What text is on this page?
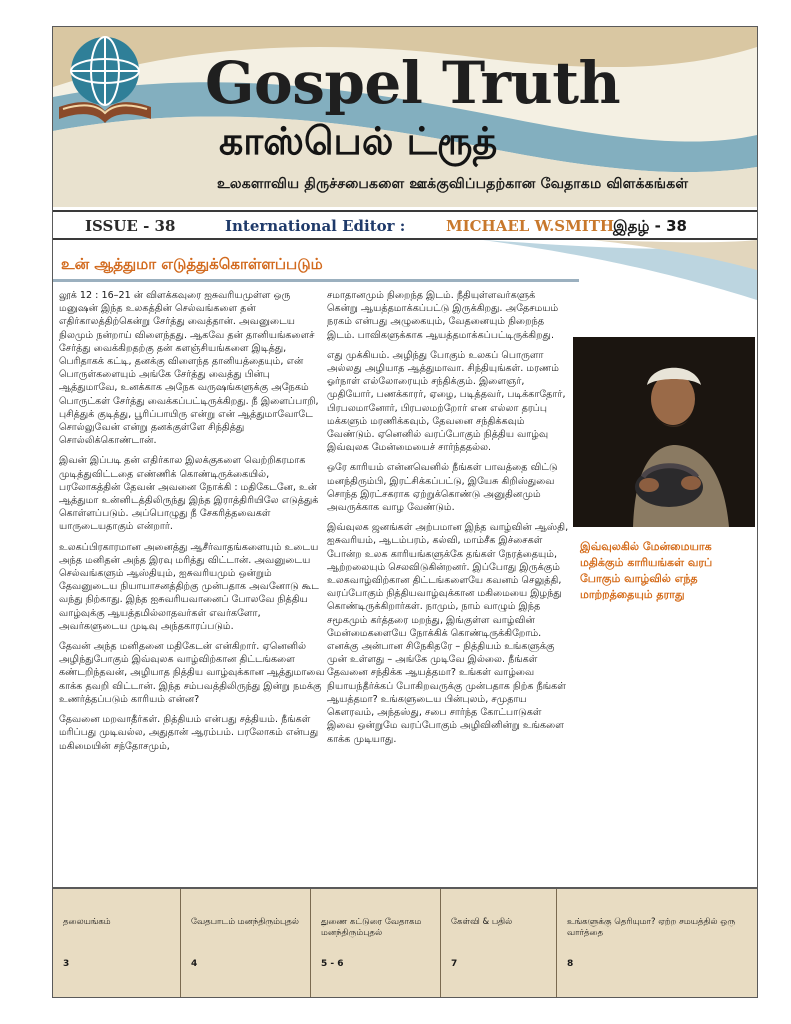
Gospel Truth
காஸ்பெல் ட்ரூத்
உலகளாவிய திருச்சபைகளை ஊக்குவிப்பதற்கான வேதாகம விளக்கங்கள்
ISSUE - 38	International Editor :	MICHAEL W.SMITH
இதழ் - 38
உன் ஆத்துமா எடுத்துக்கொள்ளப்படும்

லூக் 12 : 16–21 ன் விளக்கவுரை ஐசுவரியமுள்ள ஒரு மனுஷன் இந்த உலகத்தின் செல்வங்களை தன் எதிர்காலத்திற்கென்று சேர்த்து வைத்தான். அவனுடைய நிலமும் நன்றாய் விளைந்தது. ஆகவே தன் தானியங்களைச் சேர்த்து வைக்கிறதற்கு தன் களஞ்சியங்களை இடித்து, பெரிதாகக் கட்டி, தனக்கு விளைந்த தானியத்தையும், என் பொருள்களையும் அங்கே சேர்த்து வைத்து பின்பு ஆத்துமாவே, உனக்காக அநேக வருஷங்களுக்கு அநேகம் பொருட்கள் சேர்த்து வைக்கப்பட்டிருக்கிறது. நீ இளைப்பாறி, புசித்துக் குடித்து, பூரிப்பாயிரு என்று என் ஆத்துமாவோடே சொல்லுவேன் என்று தனக்குள்ளே சிந்தித்து சொல்லிக்கொண்டான்.

இவன் இப்படி தன் எதிர்கால இலக்குகளை வெற்றிகரமாக முடித்துவிட்டதை எண்ணிக் கொண்டிருக்கையில், பரலோகத்தின் தேவன் அவனை நோக்கி : மதிகேடனே, உன் ஆத்துமா உன்னிடத்திலிருந்து இந்த இராத்திரியிலே எடுத்துக் கொள்ளப்படும். அப்பொழுது நீ சேகரித்தவைகள் யாருடையதாகும் என்றார்.

உலகப்பிரகாரமான அனைத்து ஆசீர்வாதங்களையும் உடைய அந்த மனிதன் அந்த இரவு மரித்து விட்டான். அவனுடைய செல்வங்களும் ஆஸ்தியும், ஐசுவரியமும் ஒன்றும் தேவனுடைய நியாயாசனத்திற்கு முன்பதாக அவனோடு கூட வந்து நிற்காது. இந்த ஐசுவரியவானைப் போலவே நித்திய வாழ்வுக்கு ஆயத்தமில்லாதவர்கள் எவர்களோ, அவர்களுடைய முடிவு அந்தகாரப்படும்.

தேவன் அந்த மனிதனை மதிகேடன் என்கிறார். ஏனெனில் அழிந்துபோகும் இவ்வுலக வாழ்விற்கான திட்டங்களை கண்டறிந்தவன், அழியாத நித்திய வாழ்வுக்கான ஆத்துமாவை காக்க தவறி விட்டான். இந்த சம்பவத்திலிருந்து இன்று நமக்கு உணர்த்தப்படும் காரியம் என்ன?

தேவனை மறவாதீர்கள். நித்தியம் என்பது சத்தியம். நீங்கள் மரிப்பது முடிவல்ல, அதுதான் ஆரம்பம். பரலோகம் என்பது மகிமையின் சந்தோசமும்,

சமாதானமும் நிறைந்த இடம். நீதியுள்ளவர்களுக் கென்று ஆயத்தமாக்கப்பட்டு இருக்கிறது. அதேசமயம் நரகம் என்பது அழுகையும், வேதனையும் நிறைந்த இடம். பாவிகளுக்காக ஆயத்தமாக்கப்பட்டிருக்கிறது.

எது முக்கியம். அழிந்து போகும் உலகப் பொருளா அல்லது அழியாத ஆத்துமாவா. சிந்தியுங்கள். மரணம் ஓர்நாள் எல்லோரையும் சந்திக்கும். இளைஞர், முதியோர், பணக்காரர், ஏழை, படித்தவர், படிக்காதோர், பிரபலமானோர், பிரபலமற்றோர் என எல்லா தரப்பு மக்களும் மரணிக்கவும், தேவனை சந்திக்கவும் வேண்டும். ஏனெனில் வரப்போகும் நித்திய வாழ்வு இவ்வுலக மேன்மையைச் சார்ந்ததல்ல.

ஒரே காரியம் என்னவெனில் நீங்கள் பாவத்தை விட்டு மனந்திரும்பி, இரட்சிக்கப்பட்டு, இயேசு கிறிஸ்துவை சொந்த இரட்சகராக ஏற்றுக்கொண்டு அனுதினமும் அவருக்காக வாழ வேண்டும்.

இவ்வுலக ஜனங்கள் அற்பமான இந்த வாழ்வின் ஆஸ்தி, ஐசுவரியம், ஆடம்பரம், கல்வி, மாம்சீக இச்சைகள் போன்ற உலக காரியங்களுக்கே தங்கள் நேரத்தையும், ஆற்றலையும் செலவிடுகின்றனர். இப்போது இருக்கும் உலகவாழ்விற்கான திட்டங்களையே கவனம் செலுத்தி, வரப்போகும் நித்தியவாழ்வுக்கான மகிமையை இழந்து கொண்டிருக்கிறார்கள். நாமும், நாம் வாழும் இந்த சமூகமும் கர்த்தரை மறந்து, இங்குள்ள வாழ்வின் மேன்மைகளையே நோக்கிக் கொண்டிருக்கிறோம். எனக்கு அன்பான சிநேகிதரே – நித்தியம் உங்களுக்கு முன் உள்ளது – அங்கே முடிவே இல்லை. நீங்கள் தேவனை சந்திக்க ஆயத்தமா? உங்கள் வாழ்வை நியாயந்தீர்க்கப் போகிறவருக்கு முன்பதாக நிற்க நீங்கள் ஆயத்தமா? உங்களுடைய பின்புலம், சமுதாய கௌரவம், அந்தஸ்து, சபை சார்ந்த கோட்பாடுகள் இவை ஒன்றுமே வரப்போகும் அழிவினின்று உங்களை காக்க முடியாது.

இவ்வுலகில் மேன்மையாக மதிக்கும் காரியங்கள் வரப் போகும் வாழ்வில் எந்த மாற்றத்தையும் தராது
தலையங்கம்
3
வேதபாடம் மனந்திரும்புதல்
4
துணை கட்டுரை வேதாகம மனந்திரும்புதல்
5 - 6
கேள்வி & பதில்
7
உங்களுக்கு தெரியுமா? ஏற்ற சமயத்தில் ஒரு வார்த்தை
8
